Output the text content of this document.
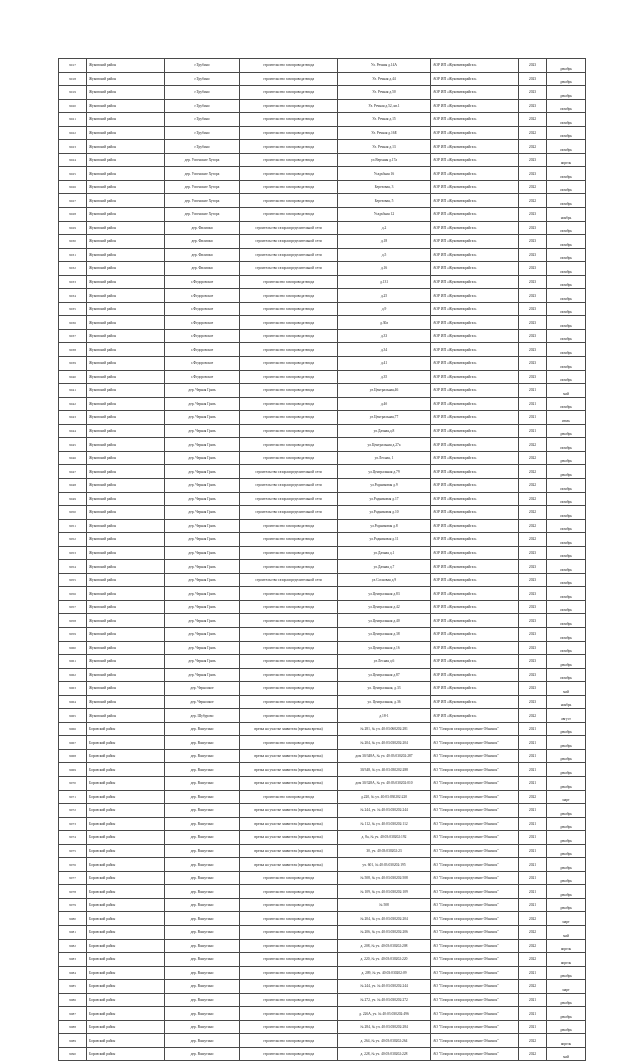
9017	Жуковский район	г.Трубино	строительство газопровода-ввода	Ул. Речная д.14А	АОР ИП «Жуковмежрайгаз»	2023	декабрь
9018	Жуковский район	г.Трубино	строительство газопровода-ввода	Ул. Речная д.44	АОР ИП «Жуковмежрайгаз»	2023	декабрь
9019	Жуковский район	г.Трубино	строительство газопровода-ввода	Ул. Речная д.50	АОР ИП «Жуковмежрайгаз»	2023	декабрь
9020	Жуковский район	г.Трубино	строительство газопровода-ввода	Ул. Речная д.52, кв.1	АОР ИП «Жуковмежрайгаз»	2023	октябрь
9021	Жуковский район	г.Трубино	строительство газопровода-ввода	Ул. Речная д.15	АОР ИП «Жуковмежрайгаз»	2022	октябрь
9022	Жуковский район	г.Трубино	строительство газопровода-ввода	Ул. Речная д.16Е	АОР ИП «Жуковмежрайгаз»	2022	октябрь
9023	Жуковский район	г.Трубино	строительство газопровода-ввода	Ул. Речная д.13	АОР ИП «Жуковмежрайгаз»	2022	октябрь
9024	Жуковский район	дер. Успенские Хутора	строительство газопровода-ввода	ул.Верхняя д.17а	АОР ИП «Жуковмежрайгаз»	2023	апрель
9025	Жуковский район	дер. Успенские Хутора	строительство газопровода-ввода	Усадьбная 16	АОР ИП «Жуковмежрайгаз»	2023	октябрь
9026	Жуковский район	дер. Успенские Хутора	строительство газопровода-ввода	Березовая, 3	АОР ИП «Жуковмежрайгаз»	2022	октябрь
9027	Жуковский район	дер. Успенские Хутора	строительство газопровода-ввода	Березовая, 5	АОР ИП «Жуковмежрайгаз»	2022	октябрь
9028	Жуковский район	дер. Успенские Хутора	строительство газопровода-ввода	Усадьбная 12	АОР ИП «Жуковмежрайгаз»	2023	ноябрь
9029	Жуковский район	дер. Филипки	строительство газораспределительной сети	д.2	АОР ИП «Жуковмежрайгаз»	2023	октябрь
9030	Жуковский район	дер. Филипки	строительство газораспределительной сети	д.18	АОР ИП «Жуковмежрайгаз»	2023	октябрь
9031	Жуковский район	дер. Филипки	строительство газораспределительной сети	д.5	АОР ИП «Жуковмежрайгаз»	2023	октябрь
9032	Жуковский район	дер. Филипки	строительство газораспределительной сети	д.16	АОР ИП «Жуковмежрайгаз»	2023	октябрь
9033	Жуковский район	с.Федоровское	строительство газопровода-ввода	д.131	АОР ИП «Жуковмежрайгаз»	2023	октябрь
9034	Жуковский район	с.Федоровское	строительство газопровода-ввода	д.25	АОР ИП «Жуковмежрайгаз»	2023	октябрь
9035	Жуковский район	с.Федоровское	строительство газопровода-ввода	д.9	АОР ИП «Жуковмежрайгаз»	2023	октябрь
9036	Жуковский район	с.Федоровское	строительство газопровода-ввода	д.30а	АОР ИП «Жуковмежрайгаз»	2023	октябрь
9037	Жуковский район	с.Федоровское	строительство газопровода-ввода	д.33	АОР ИП «Жуковмежрайгаз»	2023	октябрь
9038	Жуковский район	с.Федоровское	строительство газопровода-ввода	д.34	АОР ИП «Жуковмежрайгаз»	2023	октябрь
9039	Жуковский район	с.Федоровское	строительство газопровода-ввода	д.41	АОР ИП «Жуковмежрайгаз»	2023	октябрь
9040	Жуковский район	с.Федоровское	строительство газопровода-ввода	д.35	АОР ИП «Жуковмежрайгаз»	2023	октябрь
9041	Жуковский район	дер. Черная Грязь	строительство газопровода-ввода	ул.Центральная,46	АОР ИП «Жуковмежрайгаз»	2021	май
9042	Жуковский район	дер. Черная Грязь	строительство газопровода-ввода	д.4б	АОР ИП «Жуковмежрайгаз»	2021	октябрь
9043	Жуковский район	дер. Черная Грязь	строительство газопровода-ввода	ул.Центральная,77	АОР ИП «Жуковмежрайгаз»	2021	июль
9044	Жуковский район	дер. Черная Грязь	строительство газопровода-ввода	ул.Дачная,д.8	АОР ИП «Жуковмежрайгаз»	2021	декабрь
9045	Жуковский район	дер. Черная Грязь	строительство газопровода-ввода	ул.Центральная д.27а	АОР ИП «Жуковмежрайгаз»	2022	октябрь
9046	Жуковский район	дер. Черная Грязь	строительство газопровода-ввода	ул.Лесная, 1	АОР ИП «Жуковмежрайгаз»	2022	декабрь
9047	Жуковский район	дер. Черная Грязь	строительство газораспределительной сети	ул.Центральная д.79	АОР ИП «Жуковмежрайгаз»	2022	декабрь
9048	Жуковский район	дер. Черная Грязь	строительство газораспределительной сети	ул.Родниковая д.9	АОР ИП «Жуковмежрайгаз»	2022	октябрь
9049	Жуковский район	дер. Черная Грязь	строительство газораспределительной сети	ул.Родниковая д.17	АОР ИП «Жуковмежрайгаз»	2022	октябрь
9050	Жуковский район	дер. Черная Грязь	строительство газораспределительной сети	ул.Родниковая д.10	АОР ИП «Жуковмежрайгаз»	2022	октябрь
9051	Жуковский район	дер. Черная Грязь	строительство газопровода-ввода	ул.Родниковая д.8	АОР ИП «Жуковмежрайгаз»	2022	октябрь
9052	Жуковский район	дер. Черная Грязь	строительство газопровода-ввода	ул.Родниковая д.11	АОР ИП «Жуковмежрайгаз»	2022	октябрь
9053	Жуковский район	дер. Черная Грязь	строительство газопровода-ввода	ул.Дачная д.1	АОР ИП «Жуковмежрайгаз»	2023	октябрь
9054	Жуковский район	дер. Черная Грязь	строительство газопровода-ввода	ул.Дачная д.7	АОР ИП «Жуковмежрайгаз»	2023	октябрь
9055	Жуковский район	дер. Черная Грязь	строительство газораспределительной сети	ул.Сосновая д.9	АОР ИП «Жуковмежрайгаз»	2023	октябрь
9056	Жуковский район	дер. Черная Грязь	строительство газопровода-ввода	ул.Центральная д.83	АОР ИП «Жуковмежрайгаз»	2023	октябрь
9057	Жуковский район	дер. Черная Грязь	строительство газопровода-ввода	ул.Центральная д.42	АОР ИП «Жуковмежрайгаз»	2023	октябрь
9058	Жуковский район	дер. Черная Грязь	строительство газопровода-ввода	ул.Центральная д.40	АОР ИП «Жуковмежрайгаз»	2023	октябрь
9059	Жуковский район	дер. Черная Грязь	строительство газопровода-ввода	ул.Центральная д.38	АОР ИП «Жуковмежрайгаз»	2023	октябрь
9060	Жуковский район	дер. Черная Грязь	строительство газопровода-ввода	ул.Центральная д.16	АОР ИП «Жуковмежрайгаз»	2023	октябрь
9061	Жуковский район	дер. Черная Грязь	строительство газопровода-ввода	ул.Лесная д.6	АОР ИП «Жуковмежрайгаз»	2023	декабрь
9062	Жуковский район	дер. Черная Грязь	строительство газопровода-ввода	ул.Центральная д.87	АОР ИП «Жуковмежрайгаз»	2023	октябрь
9063	Жуковский район	дер. Черноокое	строительство газопровода-ввода	ул. Центральная, д.33	АОР ИП «Жуковмежрайгаз»	2023	май
9064	Жуковский район	дер. Черноокое	строительство газопровода-ввода	ул. Центральная, д.36	АОР ИП «Жуковмежрайгаз»	2023	ноябрь
9065	Жуковский район	дер. Шубурово	строительство газопровода-ввода	д.18-1	АОР ИП «Жуковмежрайгаз»	2022	август
9066	Боровский район	дер. Вашутино	врезка на участке заявителя (врезная врезка)	№ 281, № уч. 40:03:060202:281	АО "Газпром газораспределение Обнинск"	2021	декабрь
9067	Боровский район	дер. Вашутино	строительство газопровода-ввода	№ 204, № уч. 40:03:030202:204	АО "Газпром газораспределение Обнинск"	2021	декабрь
9068	Боровский район	дер. Вашутино	врезка на участке заявителя (врезная врезка)	дом 30/348А, № уч. 40:03:030202:287	АО "Газпром газораспределение Обнинск"	2021	декабрь
9069	Боровский район	дер. Вашутино	врезка на участке заявителя (врезная врезка)	30/348, № уч. 40:03:030202:288	АО "Газпром газораспределение Обнинск"	2021	декабрь
9070	Боровский район	дер. Вашутино	врезка на участке заявителя (врезная врезка)	дом 30/328А, № уч. 40:03:030202:010	АО "Газпром газораспределение Обнинск"	2021	декабрь
9071	Боровский район	дер. Вашутино	строительство газопровода-ввода	д.220, № уч. 40:03:030202:220	АО "Газпром газораспределение Обнинск"	2022	март
9072	Боровский район	дер. Вашутино	врезка на участке заявителя (врезная врезка)	№ 244, уч. № 40:03:030202:244	АО "Газпром газораспределение Обнинск"	2021	декабрь
9073	Боровский район	дер. Вашутино	врезка на участке заявителя (врезная врезка)	№ 112, № уч. 40:03:030202:112	АО "Газпром газораспределение Обнинск"	2021	декабрь
9074	Боровский район	дер. Вашутино	врезка на участке заявителя (врезная врезка)	д. 8а, № уч. 40:03:030202:192	АО "Газпром газораспределение Обнинск"	2021	декабрь
9075	Боровский район	дер. Вашутино	врезка на участке заявителя (врезная врезка)	30, уч. 40:03:030202:23	АО "Газпром газораспределение Обнинск"	2021	декабрь
9076	Боровский район	дер. Вашутино	врезка на участке заявителя (врезная врезка)	уч. 601, № 40:03:030202:195	АО "Газпром газораспределение Обнинск"	2021	декабрь
9077	Боровский район	дер. Вашутино	строительство газопровода-ввода	№ 508, № уч. 40:03:030202:508	АО "Газпром газораспределение Обнинск"	2021	декабрь
9078	Боровский район	дер. Вашутино	строительство газопровода-ввода	№ 109, № уч. 40:03:030202:109	АО "Газпром газораспределение Обнинск"	2021	декабрь
9079	Боровский район	дер. Вашутино	строительство газопровода-ввода	№ 508	АО "Газпром газораспределение Обнинск"	2021	декабрь
9080	Боровский район	дер. Вашутино	строительство газопровода-ввода	№ 204, № уч. 40:03:030202:204	АО "Газпром газораспределение Обнинск"	2022	март
9081	Боровский район	дер. Вашутино	строительство газопровода-ввода	№ 206, № уч. 40:03:030202:206	АО "Газпром газораспределение Обнинск"	2022	май
9082	Боровский район	дер. Вашутино	строительство газопровода-ввода	д. 208, № уч. 40:03:030202:208	АО "Газпром газораспределение Обнинск"	2022	апрель
9083	Боровский район	дер. Вашутино	строительство газопровода-ввода	д. 220, № уч. 40:03:030202:220	АО "Газпром газораспределение Обнинск"	2022	апрель
9084	Боровский район	дер. Вашутино	строительство газопровода-ввода	д. 209, № уч. 40:03:030202:09	АО "Газпром газораспределение Обнинск"	2021	декабрь
9085	Боровский район	дер. Вашутино	строительство газопровода-ввода	№ 244, уч. № 40:03:030202:244	АО "Газпром газораспределение Обнинск"	2022	март
9086	Боровский район	дер. Вашутино	строительство газопровода-ввода	№ 272, уч. № 40:03:030202:272	АО "Газпром газораспределение Обнинск"	2021	декабрь
9087	Боровский район	дер. Вашутино	строительство газопровода-ввода	д. 226А, уч. № 40:03:030202:496	АО "Газпром газораспределение Обнинск"	2021	декабрь
9088	Боровский район	дер. Вашутино	строительство газопровода-ввода	№ 284, № уч. 40:03:030202:284	АО "Газпром газораспределение Обнинск"	2021	декабрь
9089	Боровский район	дер. Вашутино	строительство газопровода-ввода	д. 264, № уч. 40:03:030202:264	АО "Газпром газораспределение Обнинск"	2022	апрель
9090	Боровский район	дер. Вашутино	строительство газопровода-ввода	д. 228, № уч. 40:03:030202:228	АО "Газпром газораспределение Обнинск"	2022	май
